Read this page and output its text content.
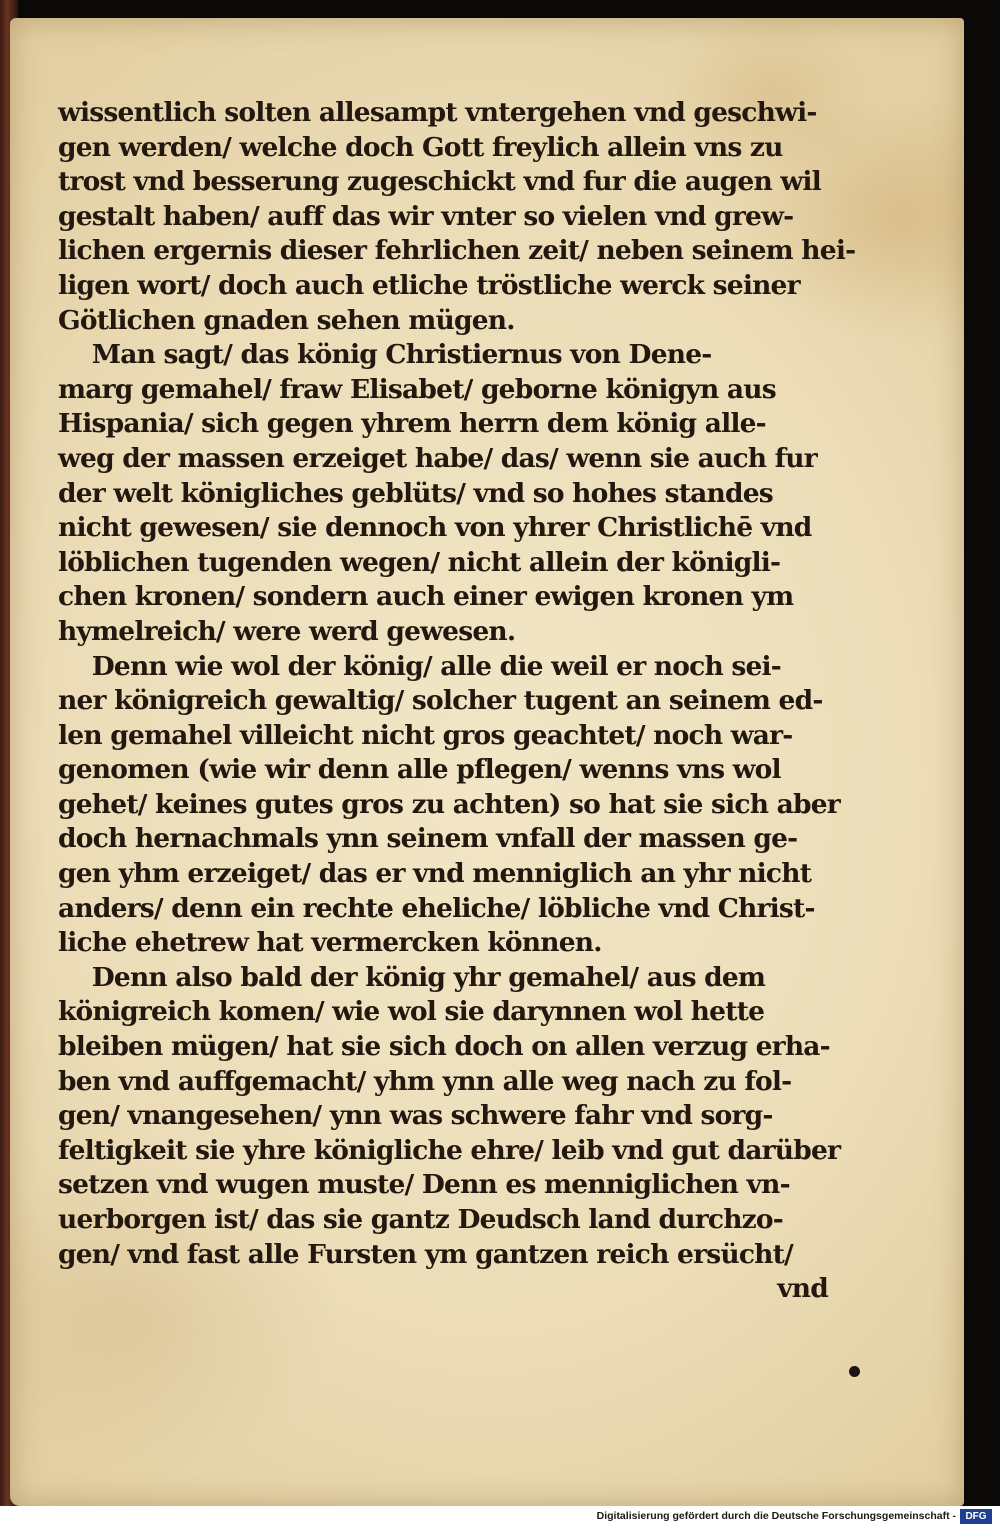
wissentlich solten allesampt vntergehen vnd geschwi-
gen werden/ welche doch Gott freylich allein vns zu
trost vnd besserung zugeschickt vnd fur die augen wil
gestalt haben/ auff das wir vnter so vielen vnd grew-
lichen ergernis dieser fehrlichen zeit/ neben seinem hei-
ligen wort/ doch auch etliche tröstliche werck seiner
Götlichen gnaden sehen mügen.
Man sagt/ das könig Christiernus von Dene-
marg gemahel/ fraw Elisabet/ geborne königyn aus
Hispania/ sich gegen yhrem herrn dem könig alle-
weg der massen erzeiget habe/ das/ wenn sie auch fur
der welt königliches geblüts/ vnd so hohes standes
nicht gewesen/ sie dennoch von yhrer Christlichē vnd
löblichen tugenden wegen/ nicht allein der königli-
chen kronen/ sondern auch einer ewigen kronen ym
hymelreich/ were werd gewesen.
Denn wie wol der könig/ alle die weil er noch sei-
ner königreich gewaltig/ solcher tugent an seinem ed-
len gemahel villeicht nicht gros geachtet/ noch war-
genomen (wie wir denn alle pflegen/ wenns vns wol
gehet/ keines gutes gros zu achten) so hat sie sich aber
doch hernachmals ynn seinem vnfall der massen ge-
gen yhm erzeiget/ das er vnd menniglich an yhr nicht
anders/ denn ein rechte eheliche/ löbliche vnd Christ-
liche ehetrew hat vermercken können.
Denn also bald der könig yhr gemahel/ aus dem
königreich komen/ wie wol sie darynnen wol hette
bleiben mügen/ hat sie sich doch on allen verzug erha-
ben vnd auffgemacht/ yhm ynn alle weg nach zu fol-
gen/ vnangesehen/ ynn was schwere fahr vnd sorg-
feltigkeit sie yhre königliche ehre/ leib vnd gut darüber
setzen vnd wugen muste/ Denn es menniglichen vn-
uerborgen ist/ das sie gantz Deudsch land durchzo-
gen/ vnd fast alle Fursten ym gantzen reich ersücht/
vnd
Digitalisierung gefördert durch die Deutsche Forschungsgemeinschaft - DFG
